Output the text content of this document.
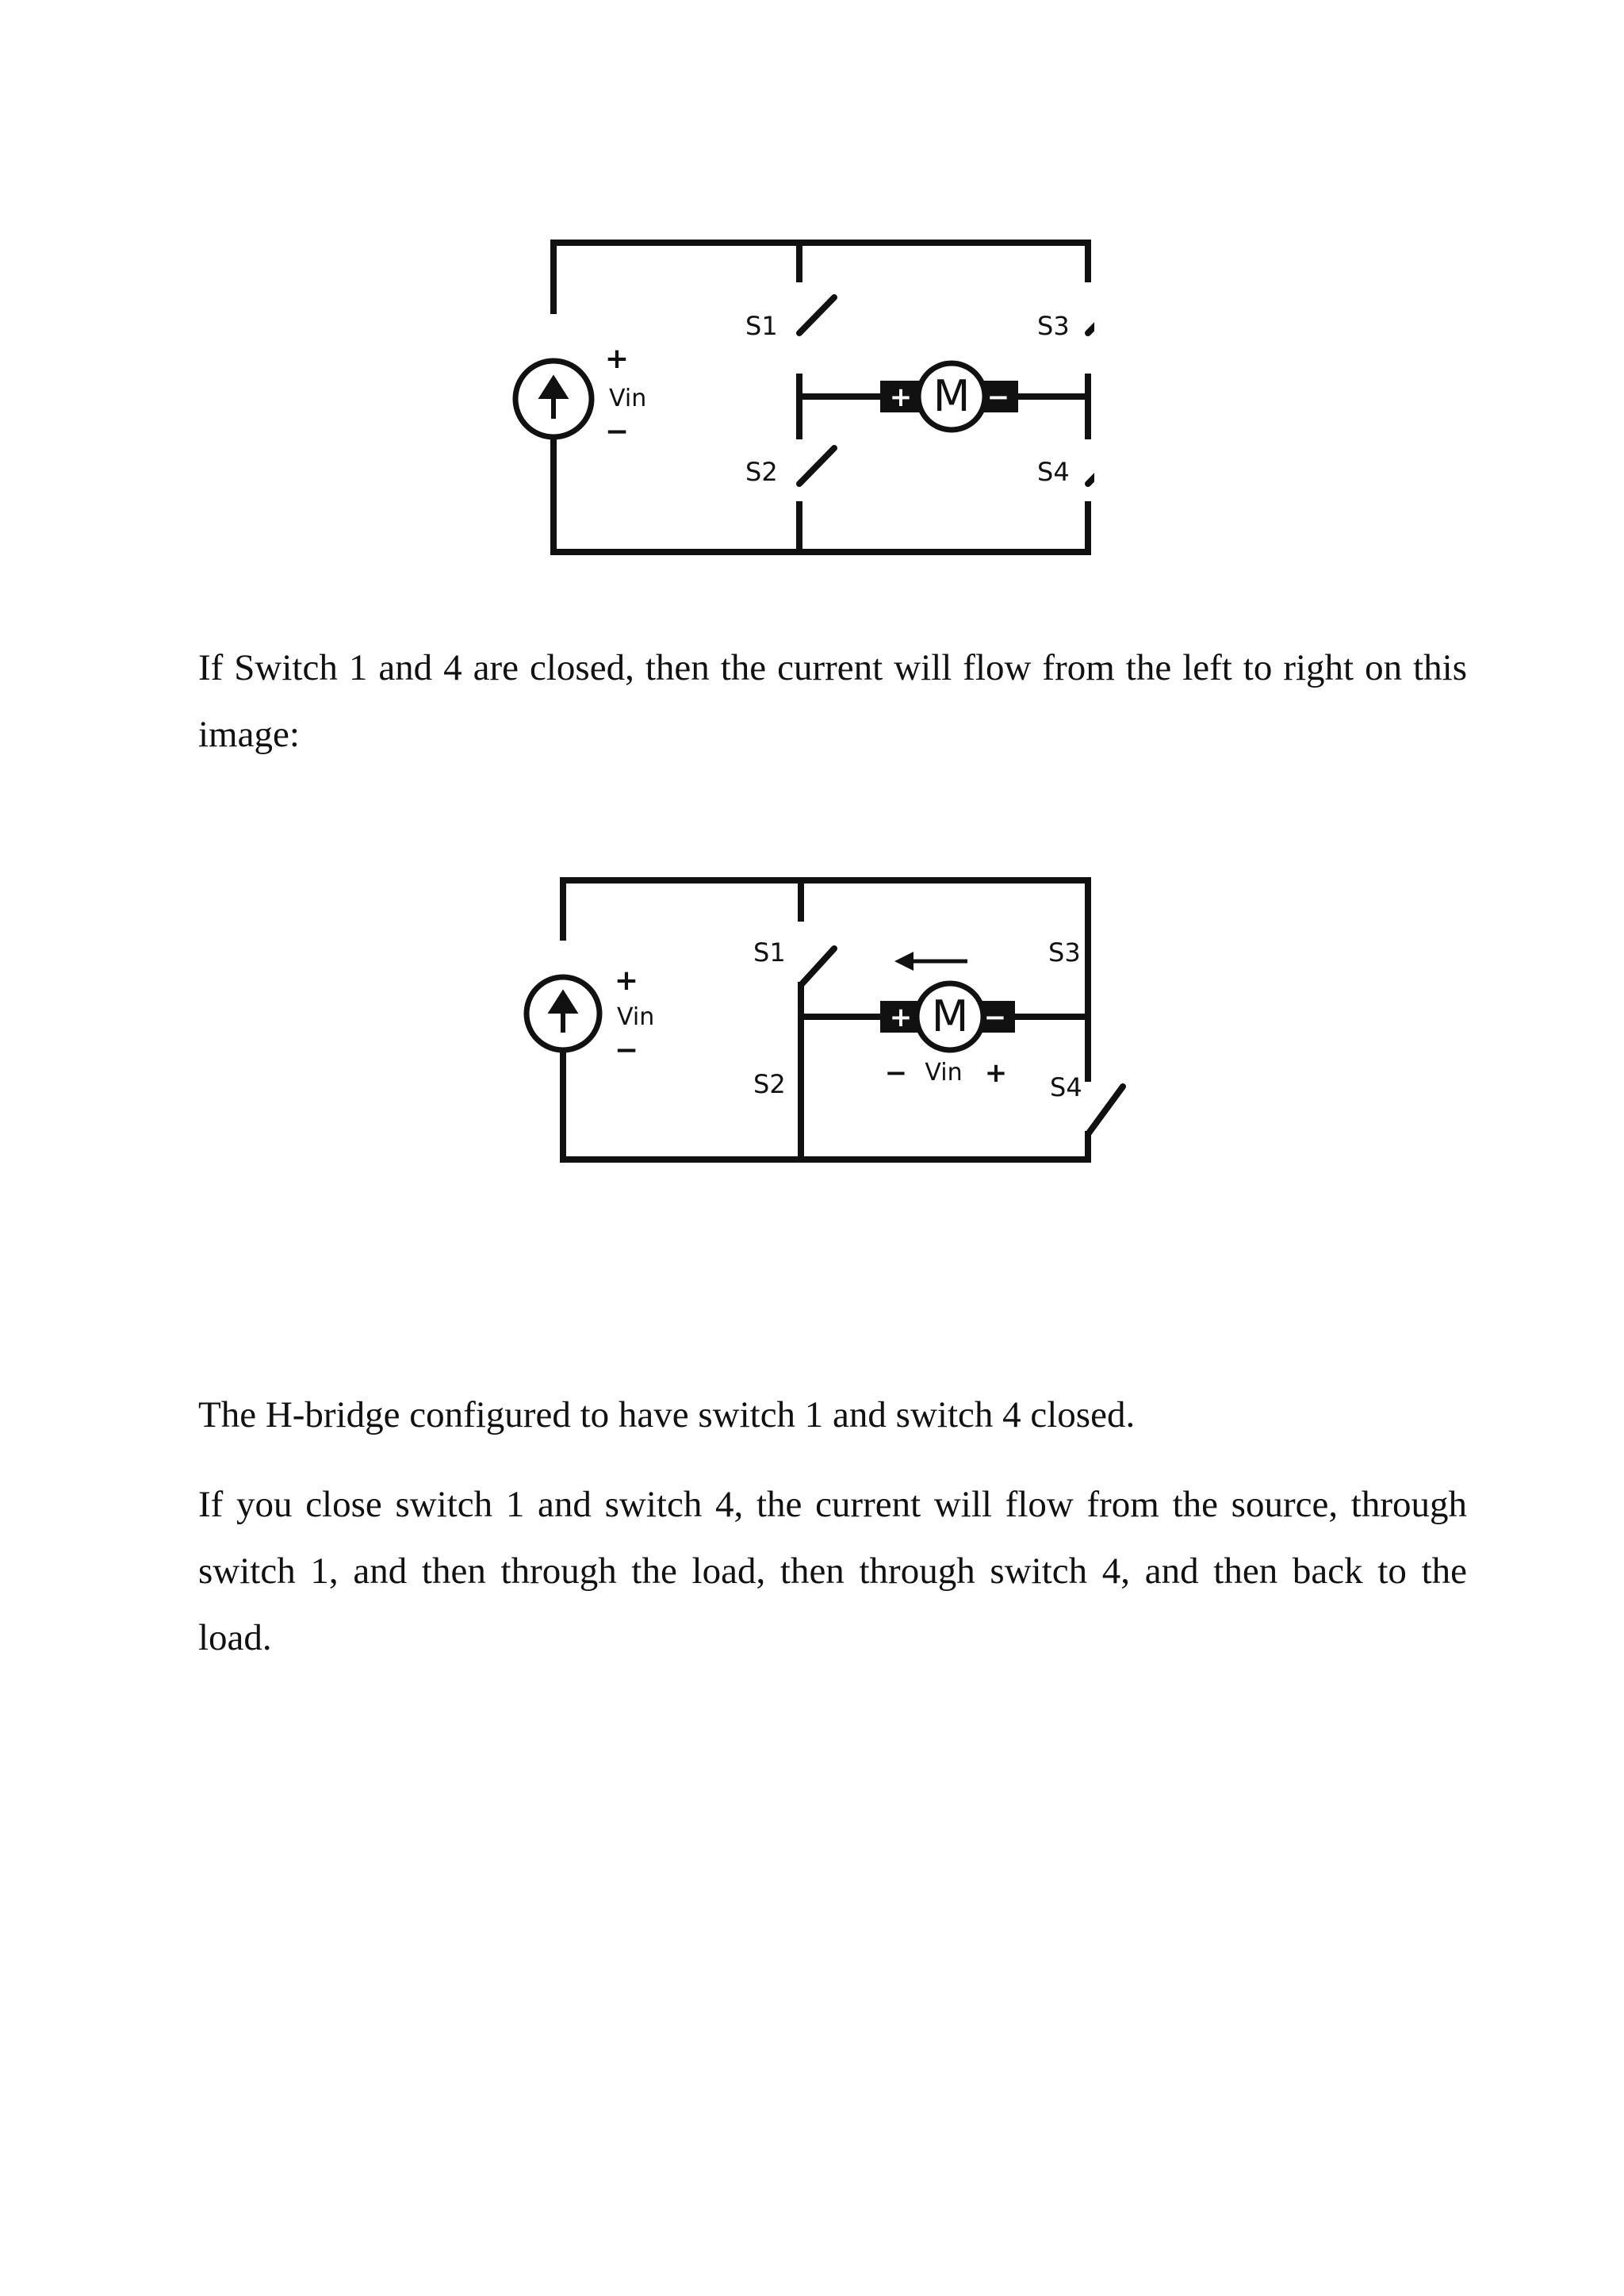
M
+	−
+
Vin
−
S1
S2
S3
S4

If Switch 1 and 4 are closed, then the current will flow from the left to right on this image:

M
+	−
− Vin +
+
Vin
−
S1
S2
S3
S4

The H-bridge configured to have switch 1 and switch 4 closed.

If you close switch 1 and switch 4, the current will flow from the source, through switch 1, and then through the load, then through switch 4, and then back to the load.
